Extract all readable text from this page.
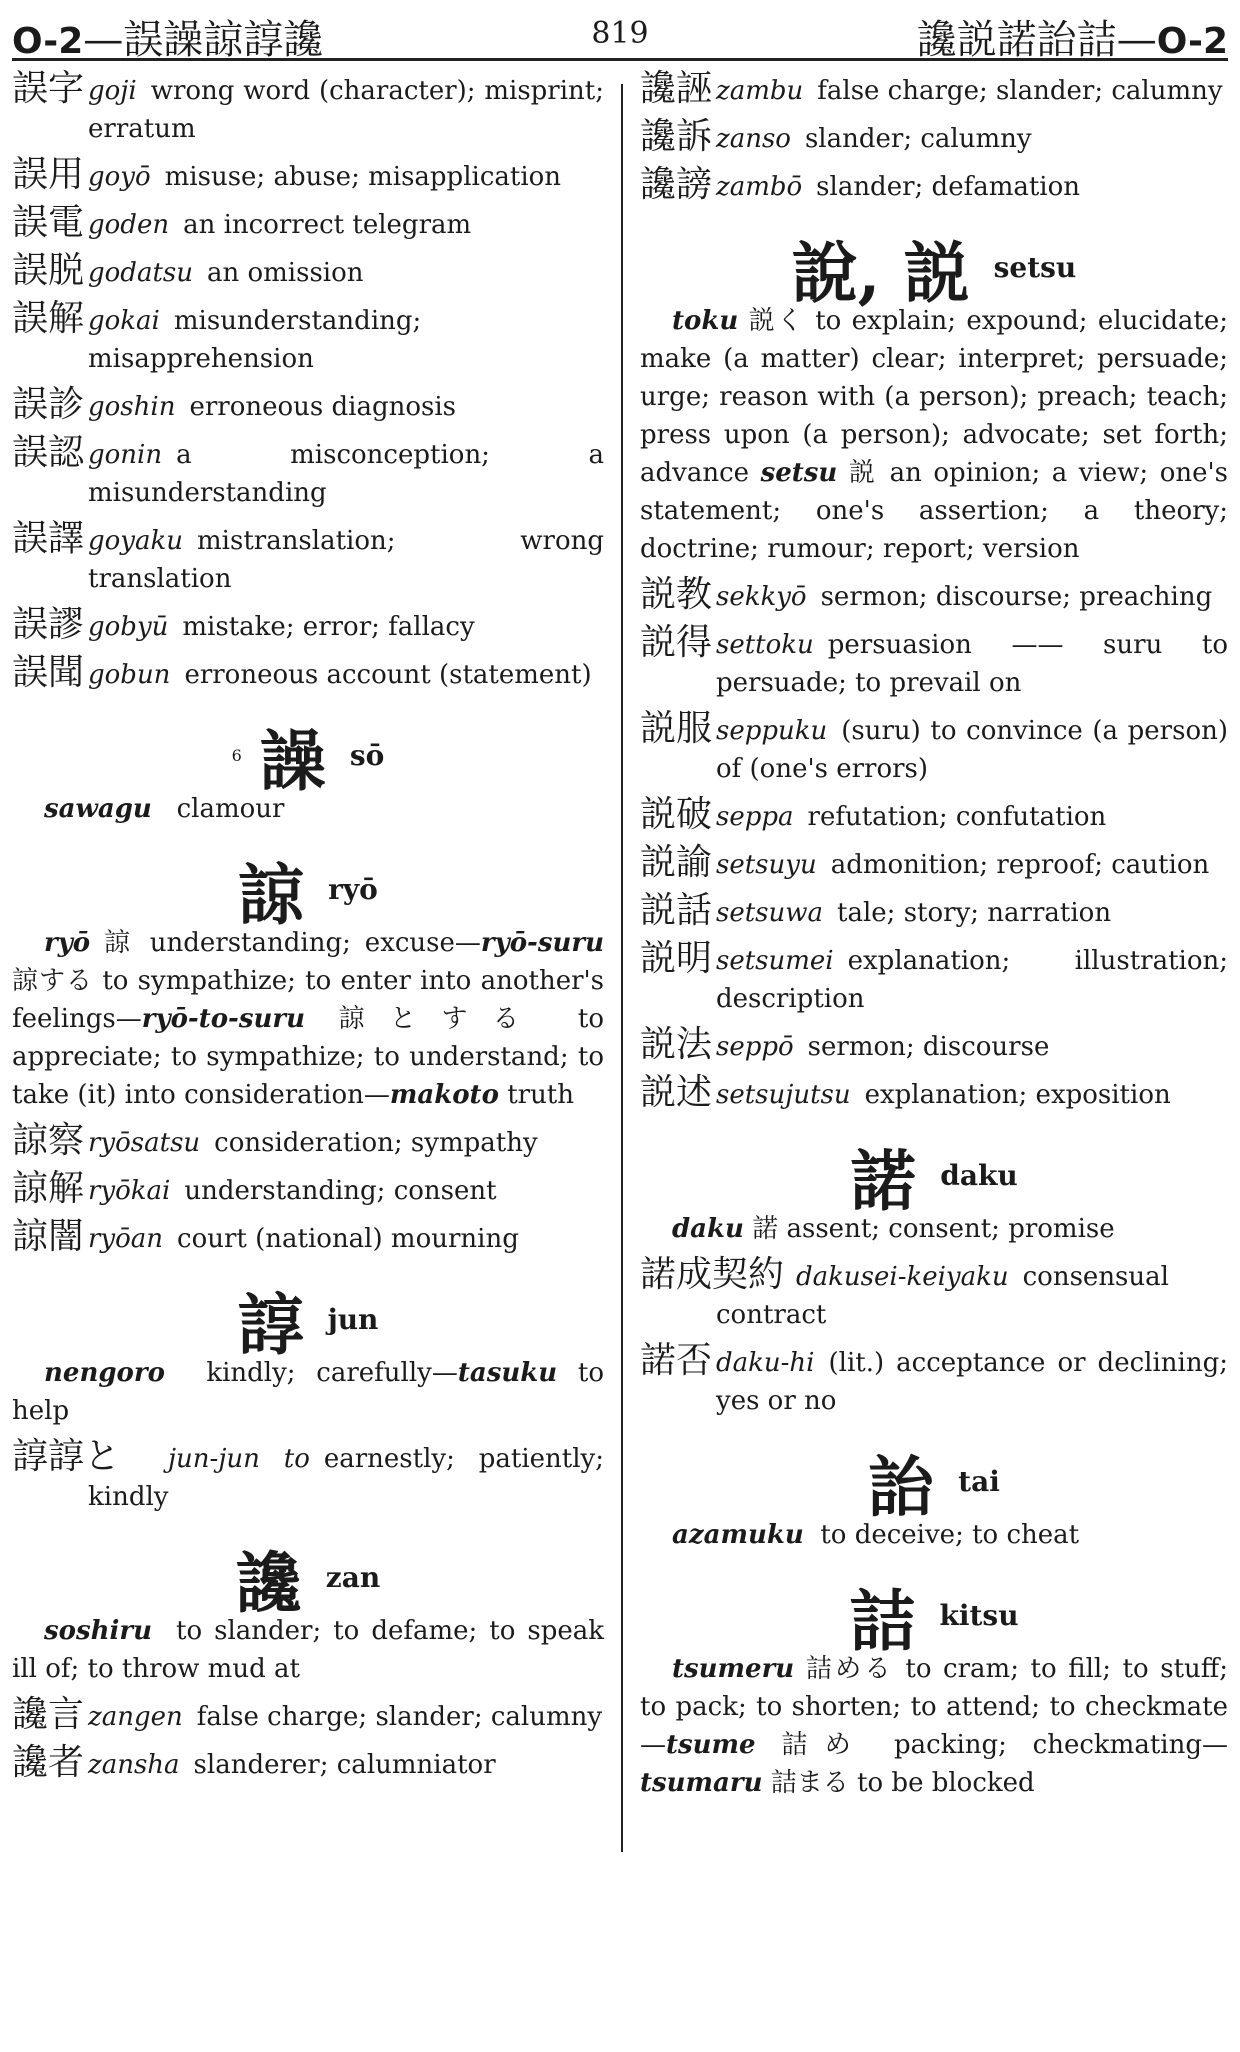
O-2—誤譟諒諄讒	819	讒説諾詒詰—O-2
誤字 goji wrong word (character); misprint; erratum
誤用 goyō misuse; abuse; misapplication
誤電 goden an incorrect telegram
誤脱 godatsu an omission
誤解 gokai misunderstanding; misapprehension
誤診 goshin erroneous diagnosis
誤認 gonin a misconception; a misunderstanding
誤譯 goyaku mistranslation; wrong translation
誤謬 gobyū mistake; error; fallacy
誤聞 gobun erroneous account (statement)
6 譟 sō
sawagu clamour
諒ryō
ryō 諒 understanding; excuse—ryō-suru 諒する to sympathize; to enter into another's feelings—ryō-to-suru 諒とする to appreciate; to sympathize; to understand; to take (it) into consideration—makoto truth
諒察 ryōsatsu consideration; sympathy
諒解 ryōkai understanding; consent
諒闇 ryōan court (national) mourning
諄jun
nengoro kindly; carefully—tasuku to help
諄諄と jun-jun to earnestly; patiently; kindly
讒zan
soshiru to slander; to defame; to speak ill of; to throw mud at
讒言 zangen false charge; slander; calumny
讒者 zansha slanderer; calumniator
讒誣 zambu false charge; slander; calumny
讒訴 zanso slander; calumny
讒謗 zambō slander; defamation
說, 説 setsu
toku 説く to explain; expound; elucidate; make (a matter) clear; interpret; persuade; urge; reason with (a person); preach; teach; press upon (a person); advocate; set forth; advance setsu 説 an opinion; a view; one's statement; one's assertion; a theory; doctrine; rumour; report; version
説教 sekkyō sermon; discourse; preaching
説得 settoku persuasion —— suru to persuade; to prevail on
説服 seppuku (suru) to convince (a person) of (one's errors)
説破 seppa refutation; confutation
説諭 setsuyu admonition; reproof; caution
説話 setsuwa tale; story; narration
説明 setsumei explanation; illustration; description
説法 seppō sermon; discourse
説述 setsujutsu explanation; exposition
諾daku
daku 諾 assent; consent; promise
諾成契約 dakusei-keiyaku consensual contract
諾否 daku-hi (lit.) acceptance or declining; yes or no
詒tai
azamuku to deceive; to cheat
詰kitsu
tsumeru 詰める to cram; to fill; to stuff; to pack; to shorten; to attend; to checkmate—tsume 詰め packing; checkmating—tsumaru 詰まる to be blocked
